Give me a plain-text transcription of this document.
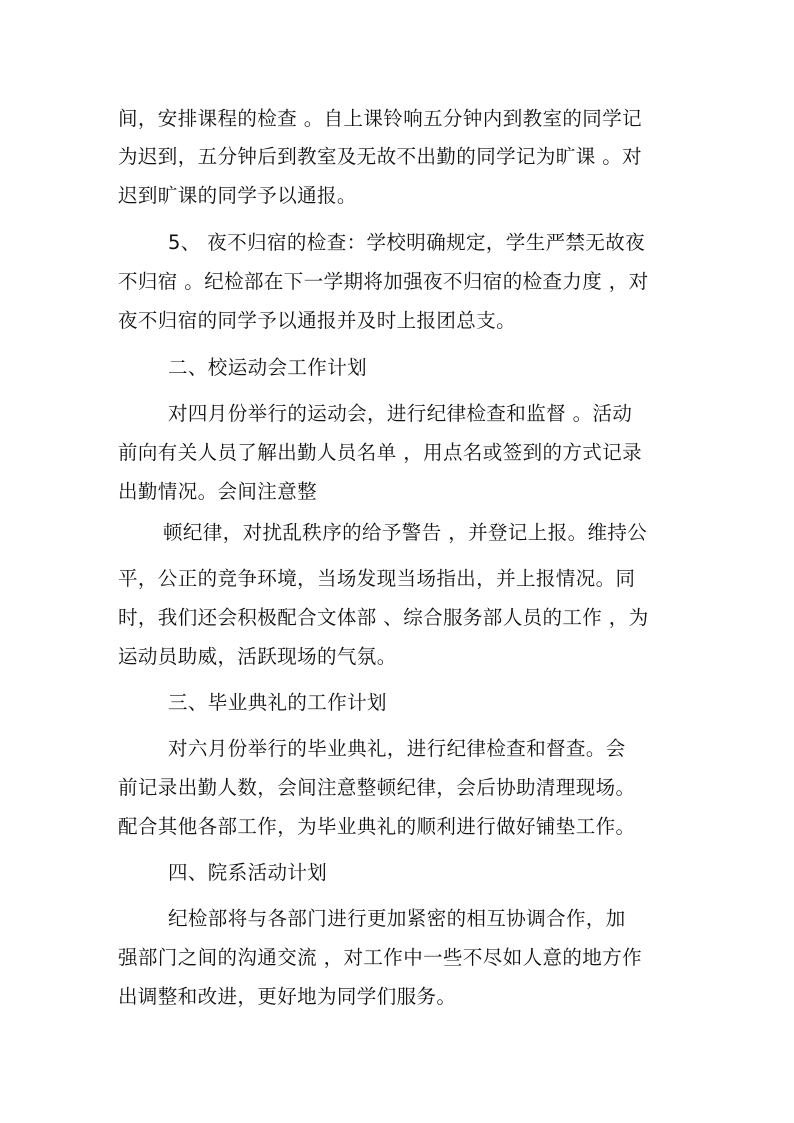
间，安排课程的检查 。自上课铃响五分钟内到教室的同学记
为迟到，五分钟后到教室及无故不出勤的同学记为旷课 。对
迟到旷课的同学予以通报。
5、 夜不归宿的检查：学校明确规定，学生严禁无故夜
不归宿 。纪检部在下一学期将加强夜不归宿的检查力度 ，对
夜不归宿的同学予以通报并及时上报团总支。
二、校运动会工作计划
对四月份举行的运动会，进行纪律检查和监督 。活动
前向有关人员了解出勤人员名单 ，用点名或签到的方式记录
出勤情况。会间注意整
顿纪律，对扰乱秩序的给予警告 ，并登记上报。维持公
平，公正的竞争环境，当场发现当场指出，并上报情况。同
时，我们还会积极配合文体部 、综合服务部人员的工作 ，为
运动员助威，活跃现场的气氛。
三、毕业典礼的工作计划
对六月份举行的毕业典礼，进行纪律检查和督查。会
前记录出勤人数，会间注意整顿纪律，会后协助清理现场。
配合其他各部工作，为毕业典礼的顺利进行做好铺垫工作。
四、院系活动计划
纪检部将与各部门进行更加紧密的相互协调合作，加
强部门之间的沟通交流 ，对工作中一些不尽如人意的地方作
出调整和改进，更好地为同学们服务。
